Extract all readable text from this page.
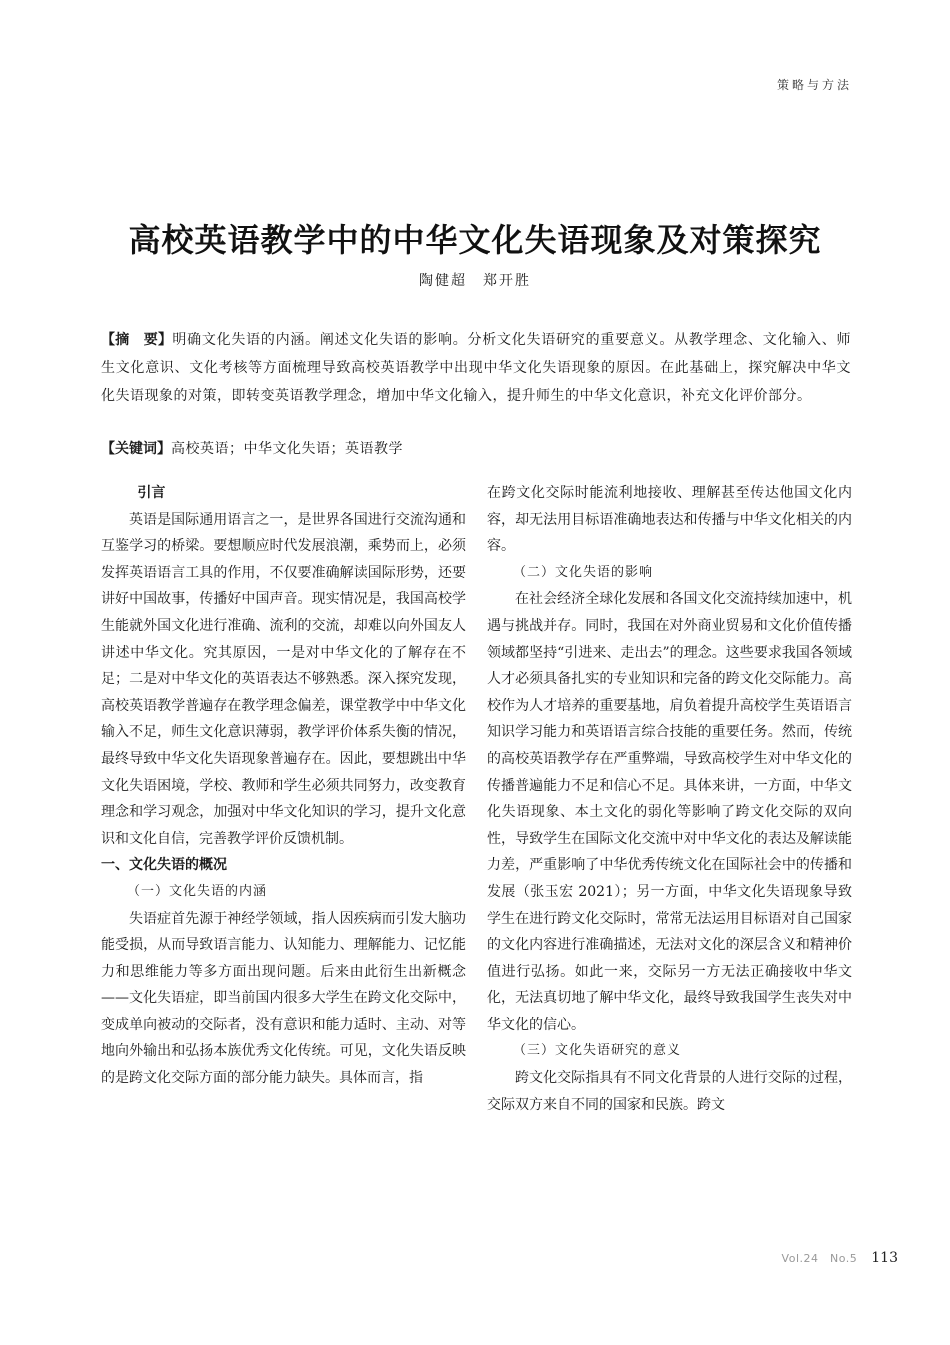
策略与方法
高校英语教学中的中华文化失语现象及对策探究
陶健超　郑开胜
【摘　要】明确文化失语的内涵。阐述文化失语的影响。分析文化失语研究的重要意义。从教学理念、文化输入、师生文化意识、文化考核等方面梳理导致高校英语教学中出现中华文化失语现象的原因。在此基础上，探究解决中华文化失语现象的对策，即转变英语教学理念，增加中华文化输入，提升师生的中华文化意识，补充文化评价部分。
【关键词】高校英语；中华文化失语；英语教学

引言

英语是国际通用语言之一，是世界各国进行交流沟通和互鉴学习的桥梁。要想顺应时代发展浪潮，乘势而上，必须发挥英语语言工具的作用，不仅要准确解读国际形势，还要讲好中国故事，传播好中国声音。现实情况是，我国高校学生能就外国文化进行准确、流利的交流，却难以向外国友人讲述中华文化。究其原因，一是对中华文化的了解存在不足；二是对中华文化的英语表达不够熟悉。深入探究发现，高校英语教学普遍存在教学理念偏差，课堂教学中中华文化输入不足，师生文化意识薄弱，教学评价体系失衡的情况，最终导致中华文化失语现象普遍存在。因此，要想跳出中华文化失语困境，学校、教师和学生必须共同努力，改变教育理念和学习观念，加强对中华文化知识的学习，提升文化意识和文化自信，完善教学评价反馈机制。

一、文化失语的概况

（一）文化失语的内涵

失语症首先源于神经学领域，指人因疾病而引发大脑功能受损，从而导致语言能力、认知能力、理解能力、记忆能力和思维能力等多方面出现问题。后来由此衍生出新概念——文化失语症，即当前国内很多大学生在跨文化交际中，变成单向被动的交际者，没有意识和能力适时、主动、对等地向外输出和弘扬本族优秀文化传统。可见，文化失语反映的是跨文化交际方面的部分能力缺失。具体而言，指

在跨文化交际时能流利地接收、理解甚至传达他国文化内容，却无法用目标语准确地表达和传播与中华文化相关的内容。

（二）文化失语的影响

在社会经济全球化发展和各国文化交流持续加速中，机遇与挑战并存。同时，我国在对外商业贸易和文化价值传播领域都坚持“引进来、走出去”的理念。这些要求我国各领域人才必须具备扎实的专业知识和完备的跨文化交际能力。高校作为人才培养的重要基地，肩负着提升高校学生英语语言知识学习能力和英语语言综合技能的重要任务。然而，传统的高校英语教学存在严重弊端，导致高校学生对中华文化的传播普遍能力不足和信心不足。具体来讲，一方面，中华文化失语现象、本土文化的弱化等影响了跨文化交际的双向性，导致学生在国际文化交流中对中华文化的表达及解读能力差，严重影响了中华优秀传统文化在国际社会中的传播和发展（张玉宏 2021）；另一方面，中华文化失语现象导致学生在进行跨文化交际时，常常无法运用目标语对自己国家的文化内容进行准确描述，无法对文化的深层含义和精神价值进行弘扬。如此一来，交际另一方无法正确接收中华文化，无法真切地了解中华文化，最终导致我国学生丧失对中华文化的信心。

（三）文化失语研究的意义

跨文化交际指具有不同文化背景的人进行交际的过程，交际双方来自不同的国家和民族。跨文

Vol.24　No.5 113
